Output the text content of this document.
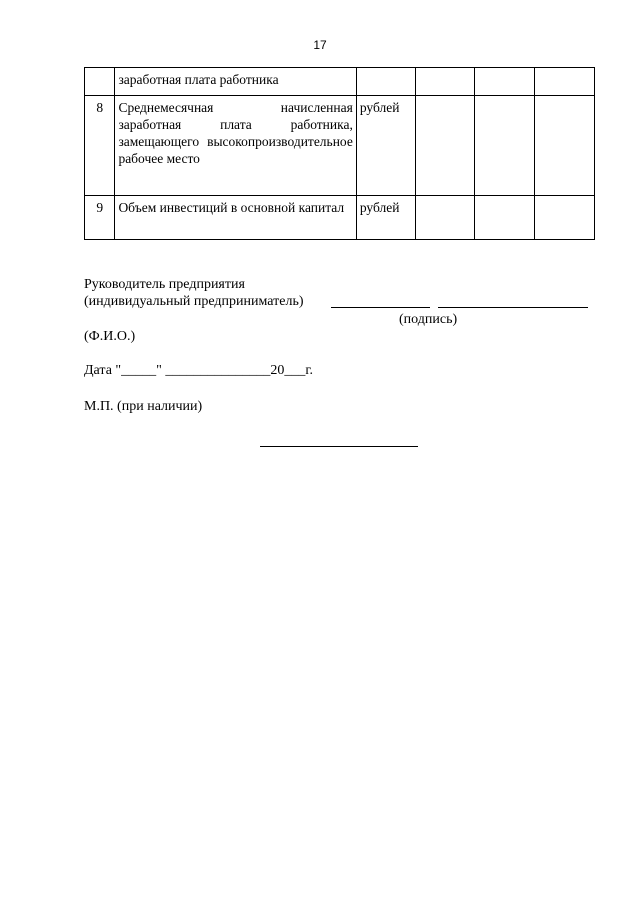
17
	заработная плата работника				
8	Среднемесячная начисленная заработная плата работника, замещающего высокопроизводительное рабочее место	рублей			
9	Объем инвестиций в основной капитал	рублей			
Руководитель предприятия
(индивидуальный предприниматель)
(подпись)
(Ф.И.О.)
Дата "_____" _______________20___г.
М.П. (при наличии)
